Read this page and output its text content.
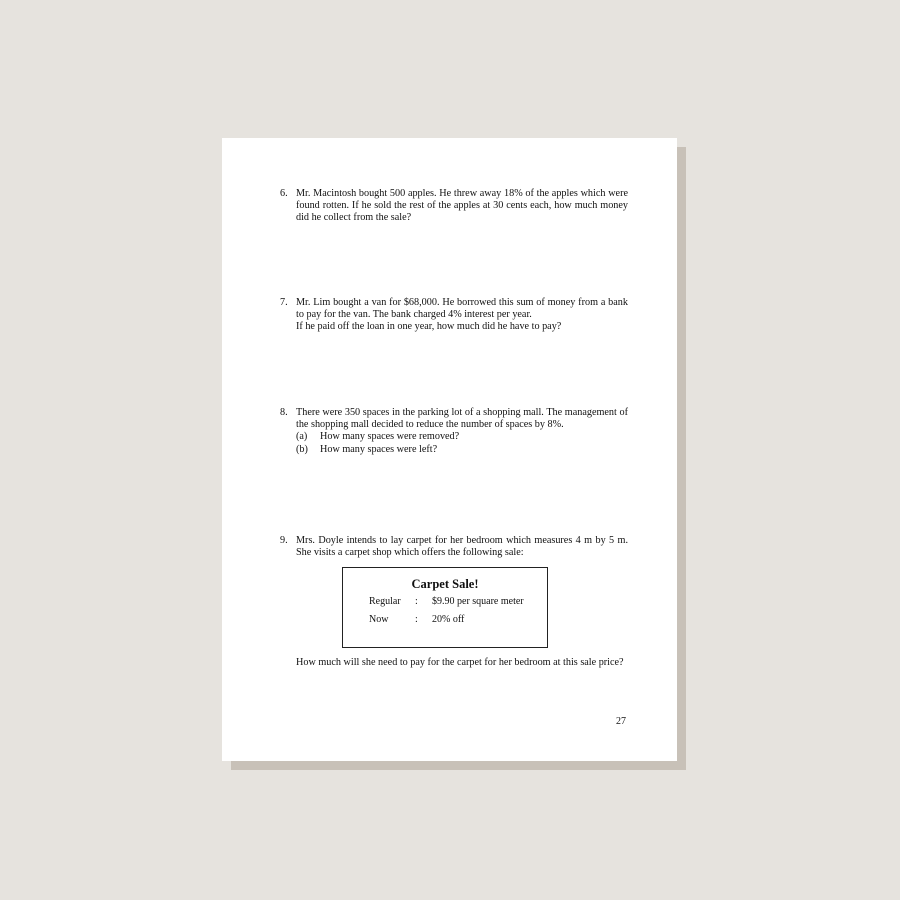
6. Mr. Macintosh bought 500 apples. He threw away 18% of the apples which were found rotten. If he sold the rest of the apples at 30 cents each, how much money did he collect from the sale?

7. Mr. Lim bought a van for $68,000. He borrowed this sum of money from a bank to pay for the van. The bank charged 4% interest per year.

If he paid off the loan in one year, how much did he have to pay?

8. There were 350 spaces in the parking lot of a shopping mall. The management of the shopping mall decided to reduce the number of spaces by 8%.

(a)	How many spaces were removed?
(b)	How many spaces were left?
9. Mrs. Doyle intends to lay carpet for her bedroom which measures 4 m by 5 m. She visits a carpet shop which offers the following sale:

Carpet Sale!
Regular : $9.90 per square meter
Now	: 20% off

How much will she need to pay for the carpet for her bedroom at this sale price?

27
